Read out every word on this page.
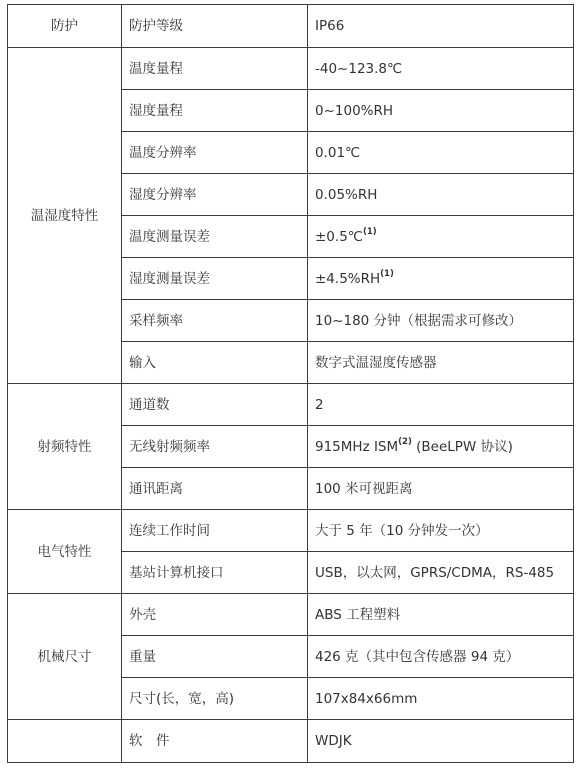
防护	防护等级	IP66
温湿度特性	温度量程	-40~123.8℃
	湿度量程	0~100%RH
	温度分辨率	0.01℃
	湿度分辨率	0.05%RH
	温度测量误差	±0.5℃$^{(1)}$
	湿度测量误差	$\pm 4.5\%RH^{(1)}$
	采样频率	10~180 分钟（根据需求可修改）
	输入	数字式温湿度传感器
射频特性	通道数	2
	无线射频频率	915MHz ISM$^{(2)}$ (BeeLPW 协议)
	通讯距离	100 米可视距离
电气特性	连续工作时间	大于 5 年（10 分钟发一次）
	基站计算机接口	USB，以太网，GPRS/CDMA，RS-485
机械尺寸	外壳	ABS 工程塑料
	重量	426 克（其中包含传感器 94 克）
	尺寸(长，宽，高)	107x84x66mm
	软　件	WDJK
